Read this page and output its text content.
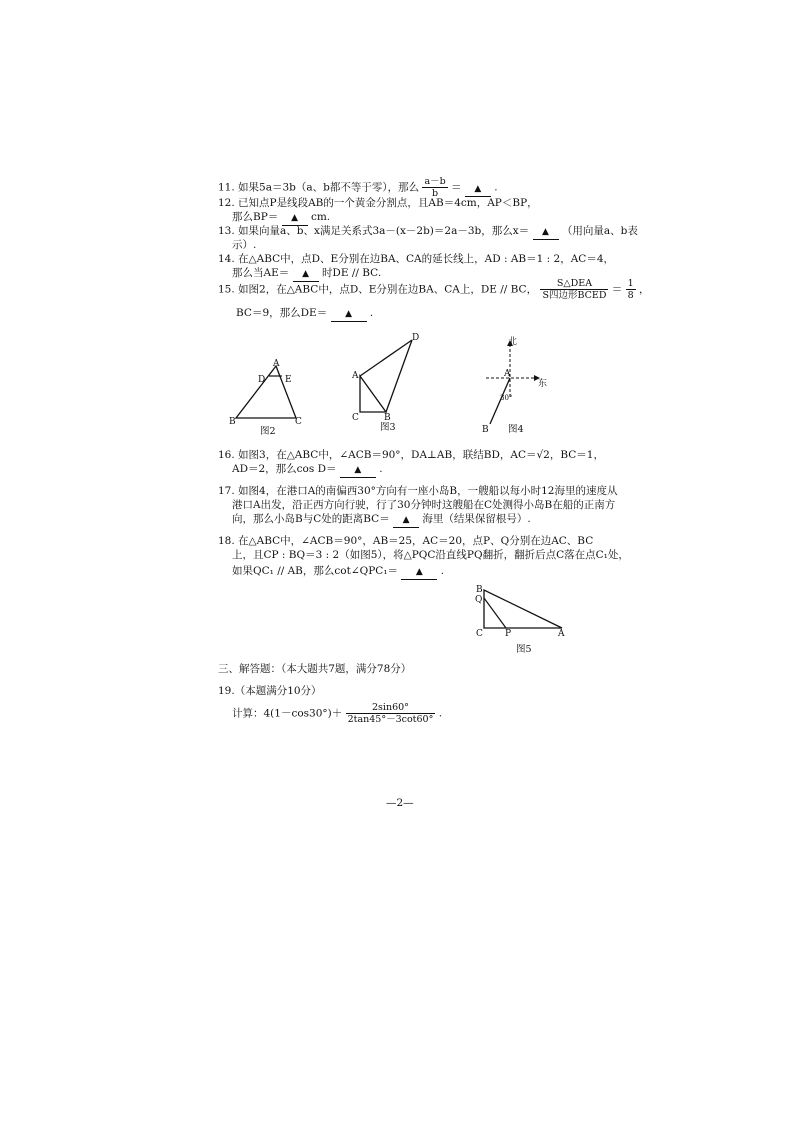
11. 如果5a＝3b（a、b都不等于零），那么 $\frac{a-b}{b}$ ＝ ▲ .
12. 已知点P是线段AB的一个黄金分割点，且AB＝4cm，AP＜BP，
那么BP＝ ▲ cm.
13. 如果向量a、b、x满足关系式3a－(x－2b)＝2a－3b，那么x＝ ▲ （用向量a、b表
示）.
14. 在△ABC中，点D、E分别在边BA、CA的延长线上，AD : AB＝1 : 2，AC＝4，
那么当AE＝ ▲ 时DE // BC.
15. 如图2，在△ABC中，点D、E分别在边BA、CA上，DE // BC， $\frac{\text{S△DEA}}{\text{S四边形BCED}} = \frac{1}{8}$ ，
BC＝9，那么DE＝ ▲ .
A
D E
B	C
图2
D
A
C	B
图3
北
东
A
30°
B 图4
16. 如图3，在△ABC中，∠ACB＝90°，DA⊥AB，联结BD，AC＝√2，BC＝1，
AD＝2，那么cos D＝ ▲ .
17. 如图4，在港口A的南偏西30°方向有一座小岛B，一艘船以每小时12海里的速度从
港口A出发，沿正西方向行驶，行了30分钟时这艘船在C处测得小岛B在船的正南方
向，那么小岛B与C处的距离BC＝ ▲ 海里（结果保留根号）.
18. 在△ABC中，∠ACB＝90°，AB＝25，AC＝20，点P、Q分别在边AC、BC
上，且CP : BQ＝3 : 2（如图5），将△PQC沿直线PQ翻折，翻折后点C落在点C₁处，
如果QC₁ // AB，那么cot∠QPC₁＝ ▲ .
B
Q
C P	A
图5
三、解答题：（本大题共7题，满分78分）
19.（本题满分10分）
计算：$4(1-\cos 30^\circ)+ \frac{2\sin 60^\circ}{2\tan 45^\circ-3\cot 60^\circ}$ .
—2—
